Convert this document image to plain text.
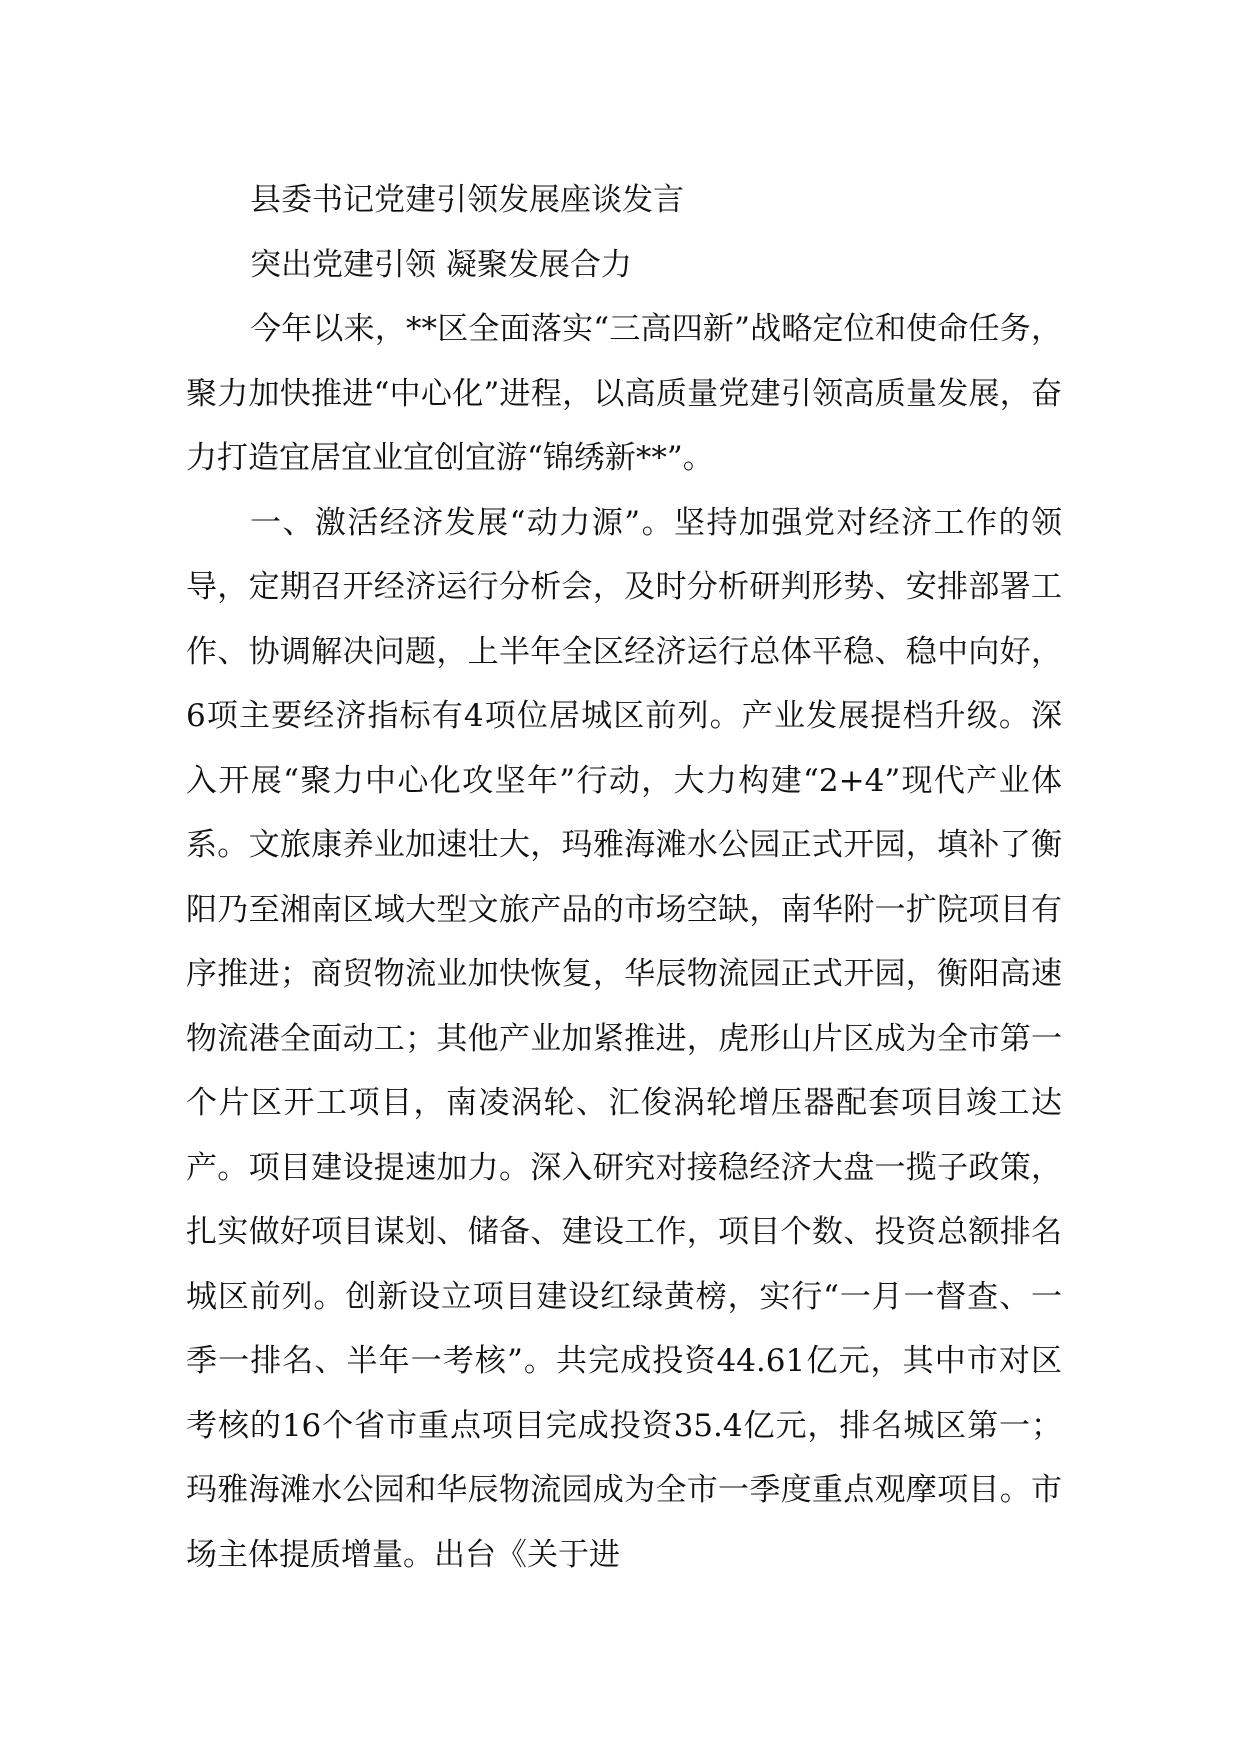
县委书记党建引领发展座谈发言
突出党建引领 凝聚发展合力

今年以来，**区全面落实“三高四新”战略定位和使命任务，聚力加快推进“中心化”进程，以高质量党建引领高质量发展，奋力打造宜居宜业宜创宜游“锦绣新**”。

一、激活经济发展“动力源”。坚持加强党对经济工作的领导，定期召开经济运行分析会，及时分析研判形势、安排部署工作、协调解决问题，上半年全区经济运行总体平稳、稳中向好，6项主要经济指标有4项位居城区前列。产业发展提档升级。深入开展“聚力中心化攻坚年”行动，大力构建“2+4”现代产业体系。文旅康养业加速壮大，玛雅海滩水公园正式开园，填补了衡阳乃至湘南区域大型文旅产品的市场空缺，南华附一扩院项目有序推进；商贸物流业加快恢复，华辰物流园正式开园，衡阳高速物流港全面动工；其他产业加紧推进，虎形山片区成为全市第一个片区开工项目，南凌涡轮、汇俊涡轮增压器配套项目竣工达产。项目建设提速加力。深入研究对接稳经济大盘一揽子政策，扎实做好项目谋划、储备、建设工作，项目个数、投资总额排名城区前列。创新设立项目建设红绿黄榜，实行“一月一督查、一季一排名、半年一考核”。共完成投资44.61亿元，其中市对区考核的16个省市重点项目完成投资35.4亿元，排名城区第一；玛雅海滩水公园和华辰物流园成为全市一季度重点观摩项目。市场主体提质增量。出台《关于进
